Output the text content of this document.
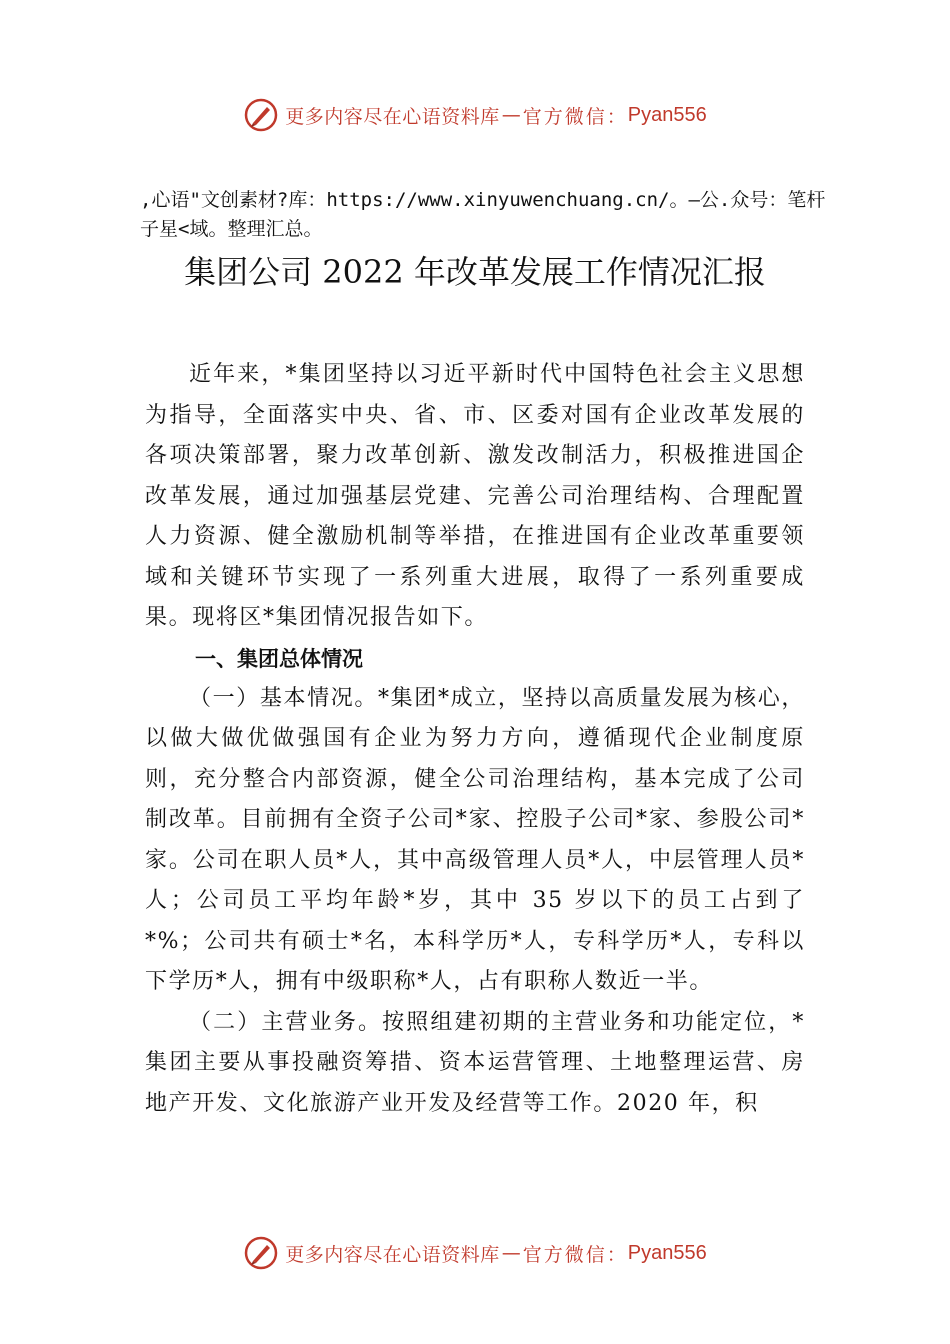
更多内容尽在心语资料库 — 官方微信： Pyan556
,心语"文创素材?库：https://www.xinyuwenchuang.cn/。—公.众号：笔杆子星<域。整理汇总。
集团公司 2022 年改革发展工作情况汇报

近年来，*集团坚持以习近平新时代中国特色社会主义思想为指导，全面落实中央、省、市、区委对国有企业改革发展的各项决策部署，聚力改革创新、激发改制活力，积极推进国企改革发展，通过加强基层党建、完善公司治理结构、合理配置人力资源、健全激励机制等举措，在推进国有企业改革重要领域和关键环节实现了一系列重大进展，取得了一系列重要成果。现将区*集团情况报告如下。

一、集团总体情况

（一）基本情况。*集团*成立，坚持以高质量发展为核心，以做大做优做强国有企业为努力方向，遵循现代企业制度原则，充分整合内部资源，健全公司治理结构，基本完成了公司制改革。目前拥有全资子公司*家、控股子公司*家、参股公司*家。公司在职人员*人，其中高级管理人员*人，中层管理人员*人；公司员工平均年龄*岁，其中 35 岁以下的员工占到了*%；公司共有硕士*名，本科学历*人，专科学历*人，专科以下学历*人，拥有中级职称*人，占有职称人数近一半。

（二）主营业务。按照组建初期的主营业务和功能定位，*集团主要从事投融资筹措、资本运营管理、土地整理运营、房地产开发、文化旅游产业开发及经营等工作。2020 年，积

更多内容尽在心语资料库 — 官方微信： Pyan556
